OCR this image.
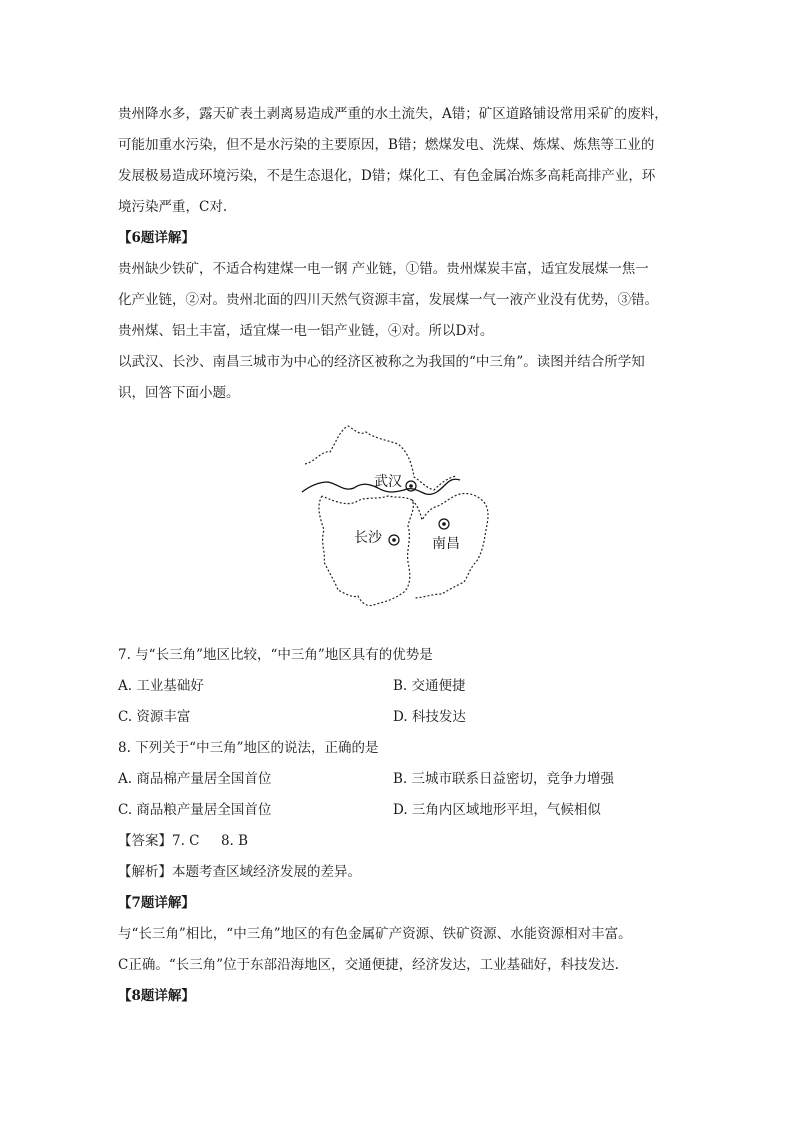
贵州降水多，露天矿表土剥离易造成严重的水土流失，A错；矿区道路铺设常用采矿的废料，
可能加重水污染，但不是水污染的主要原因，B错；燃煤发电、洗煤、炼煤、炼焦等工业的
发展极易造成环境污染，不是生态退化，D错；煤化工、有色金属冶炼多高耗高排产业，环
境污染严重，C对.
【6题详解】
贵州缺少铁矿，不适合构建煤一电一钢 产业链，①错。贵州煤炭丰富，适宜发展煤一焦一
化产业链，②对。贵州北面的四川天然气资源丰富，发展煤一气一液产业没有优势，③错。
贵州煤、铝土丰富，适宜煤一电一铝产业链，④对。所以D对。
以武汉、长沙、南昌三城市为中心的经济区被称之为我国的“中三角”。读图并结合所学知
识，回答下面小题。
武汉
长沙	南昌
7. 与“长三角”地区比较，“中三角”地区具有的优势是
A. 工业基础好	B. 交通便捷
C. 资源丰富	D. 科技发达
8. 下列关于“中三角”地区的说法，正确的是
A. 商品棉产量居全国首位	B. 三城市联系日益密切，竞争力增强
C. 商品粮产量居全国首位	D. 三角内区域地形平坦，气候相似
【答案】7. C     8. B
【解析】本题考查区域经济发展的差异。
【7题详解】
与“长三角”相比，“中三角”地区的有色金属矿产资源、铁矿资源、水能资源相对丰富。
C正确。“长三角”位于东部沿海地区，交通便捷，经济发达，工业基础好，科技发达.
【8题详解】
